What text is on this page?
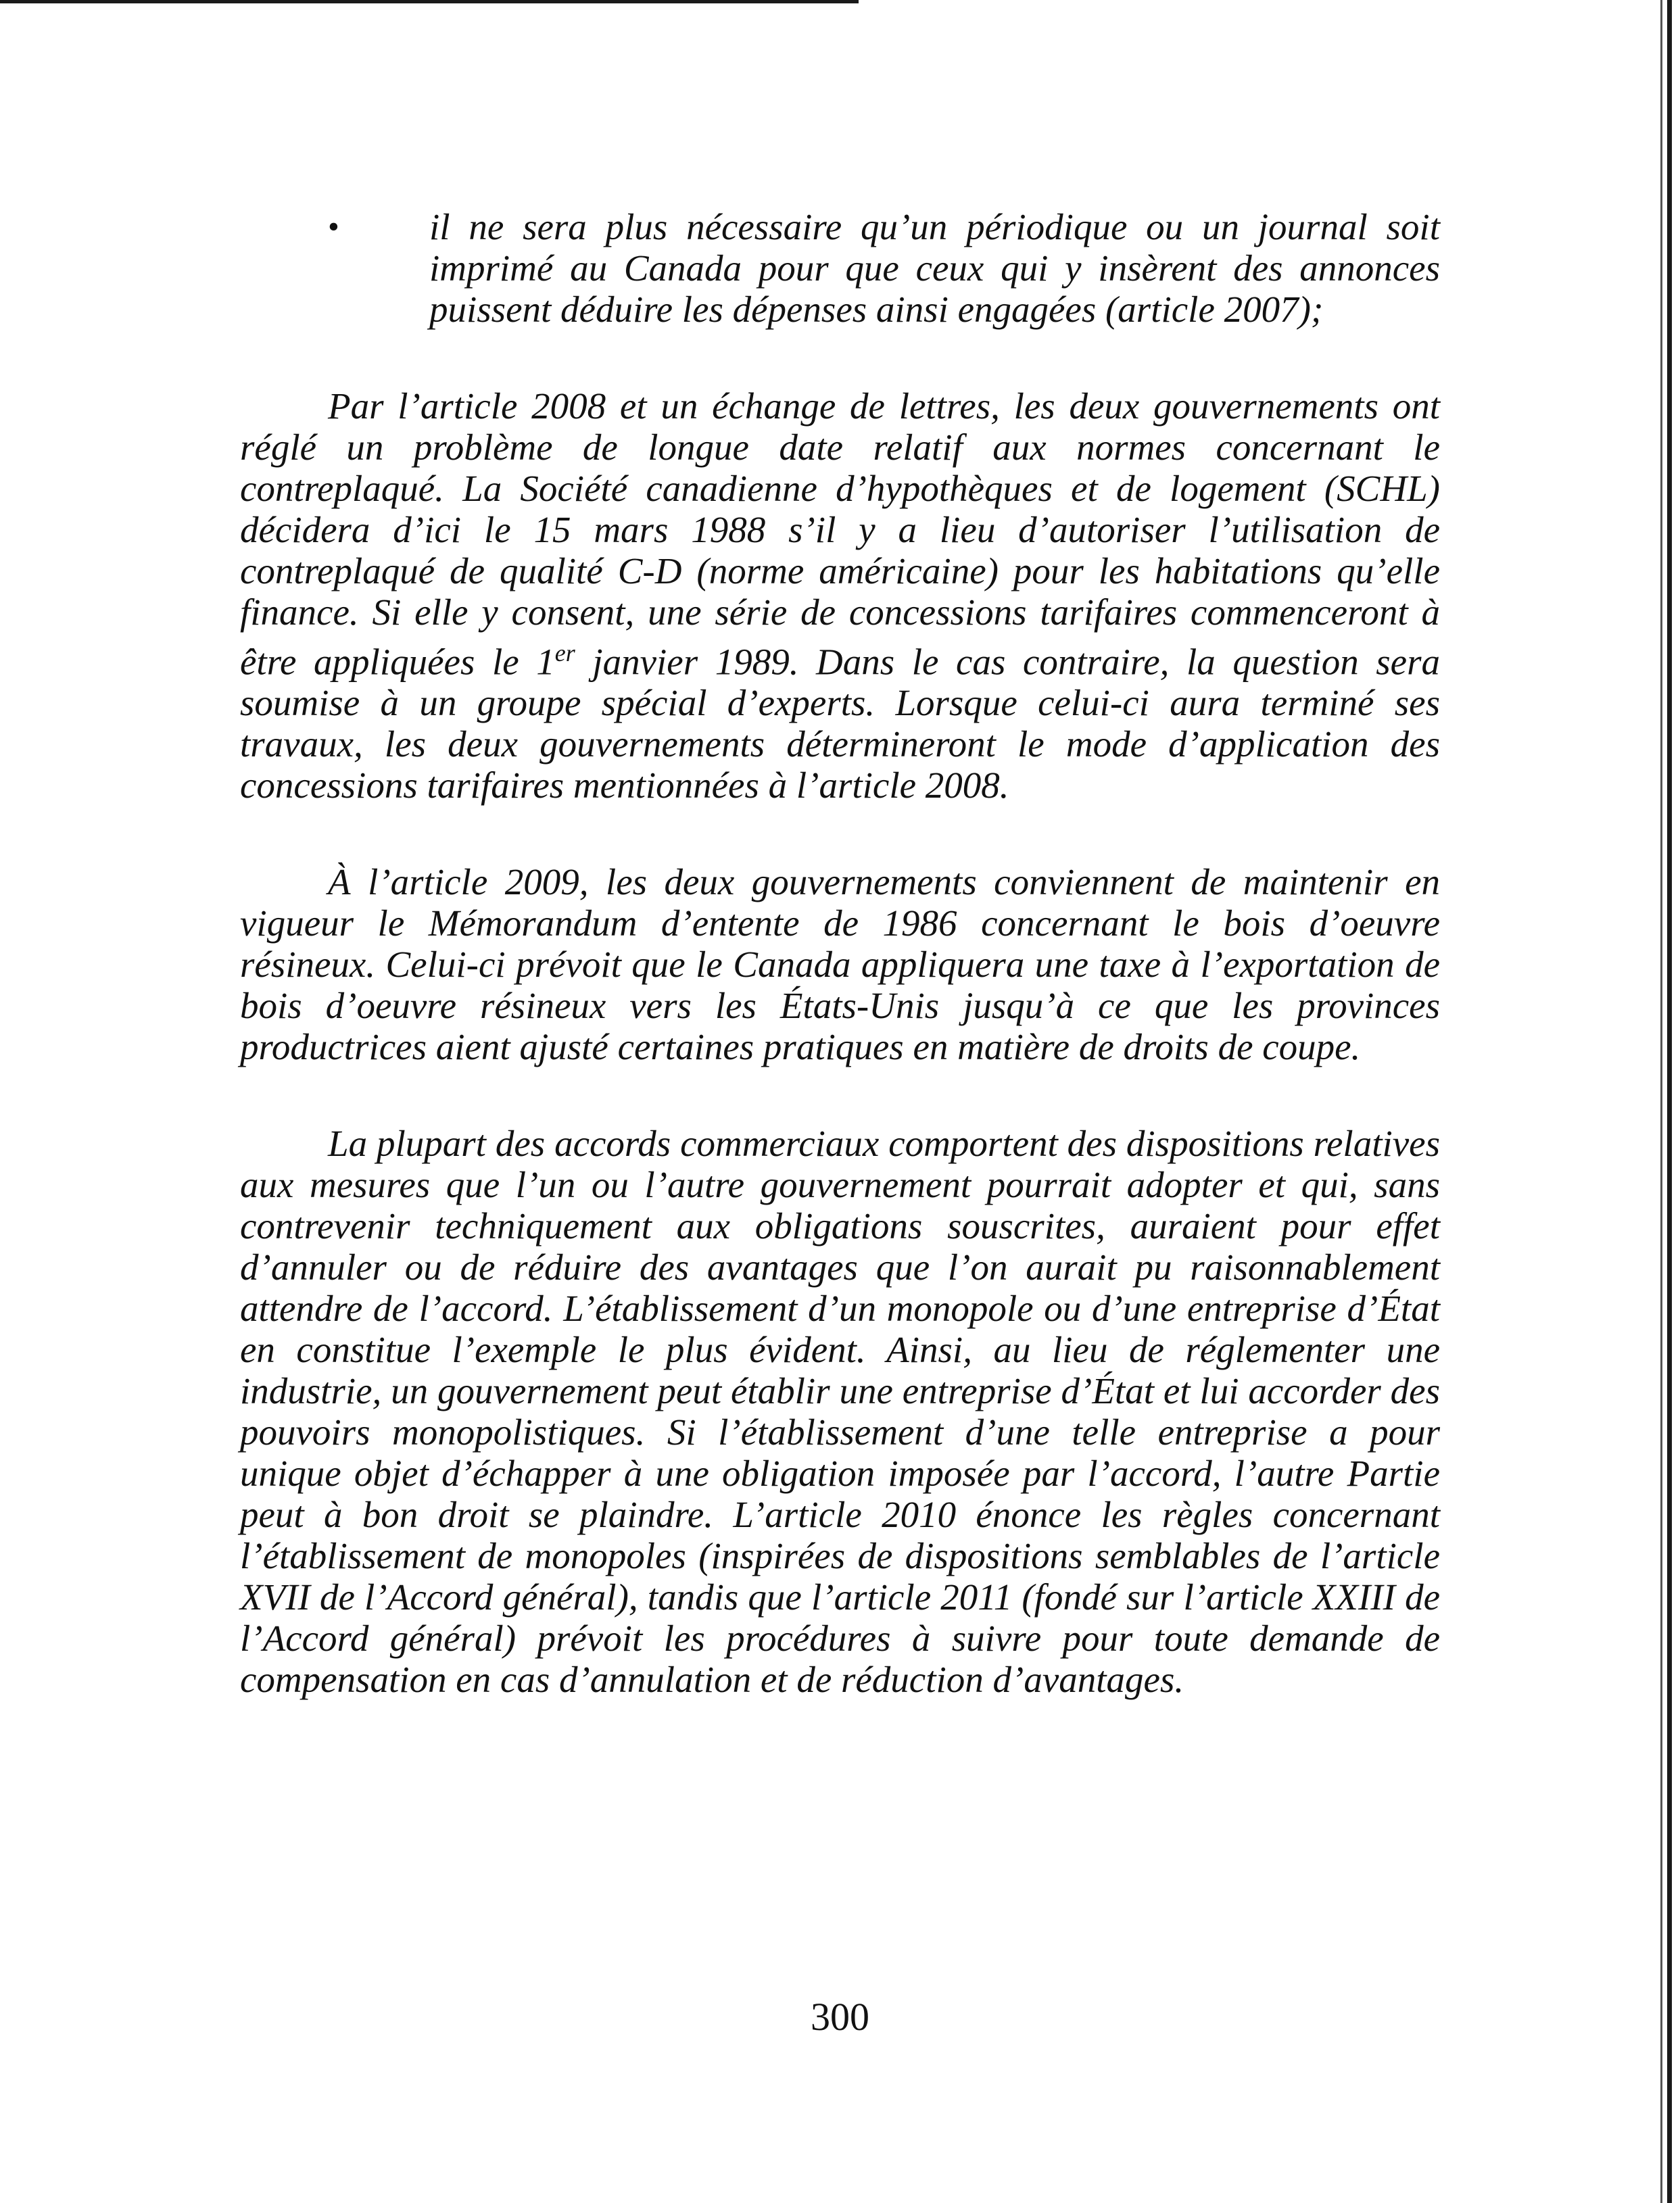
•	il ne sera plus nécessaire qu’un périodique ou un journal soit imprimé au Canada pour que ceux qui y insèrent des annonces puissent déduire les dépenses ainsi engagées (article 2007);

Par l’article 2008 et un échange de lettres, les deux gouvernements ont réglé un problème de longue date relatif aux normes concernant le contreplaqué. La Société canadienne d’hypothèques et de logement (SCHL) décidera d’ici le 15 mars 1988 s’il y a lieu d’autoriser l’utilisation de contreplaqué de qualité C-D (norme américaine) pour les habitations qu’elle finance. Si elle y consent, une série de concessions tarifaires commenceront à être appliquées le 1er janvier 1989. Dans le cas contraire, la question sera soumise à un groupe spécial d’experts. Lorsque celui-ci aura terminé ses travaux, les deux gouvernements détermineront le mode d’application des concessions tarifaires mentionnées à l’article 2008.

À l’article 2009, les deux gouvernements conviennent de maintenir en vigueur le Mémorandum d’entente de 1986 concernant le bois d’oeuvre résineux. Celui-ci prévoit que le Canada appliquera une taxe à l’exportation de bois d’oeuvre résineux vers les États-Unis jusqu’à ce que les provinces productrices aient ajusté certaines pratiques en matière de droits de coupe.

La plupart des accords commerciaux comportent des dispositions relatives aux mesures que l’un ou l’autre gouvernement pourrait adopter et qui, sans contrevenir techniquement aux obligations souscrites, auraient pour effet d’annuler ou de réduire des avantages que l’on aurait pu raisonnablement attendre de l’accord. L’établissement d’un monopole ou d’une entreprise d’État en constitue l’exemple le plus évident. Ainsi, au lieu de réglementer une industrie, un gouvernement peut établir une entreprise d’État et lui accorder des pouvoirs monopolistiques. Si l’établissement d’une telle entreprise a pour unique objet d’échapper à une obligation imposée par l’accord, l’autre Partie peut à bon droit se plaindre. L’article 2010 énonce les règles concernant l’établissement de monopoles (inspirées de dispositions semblables de l’article XVII de l’Accord général), tandis que l’article 2011 (fondé sur l’article XXIII de l’Accord général) prévoit les procédures à suivre pour toute demande de compensation en cas d’annulation et de réduction d’avantages.

300
